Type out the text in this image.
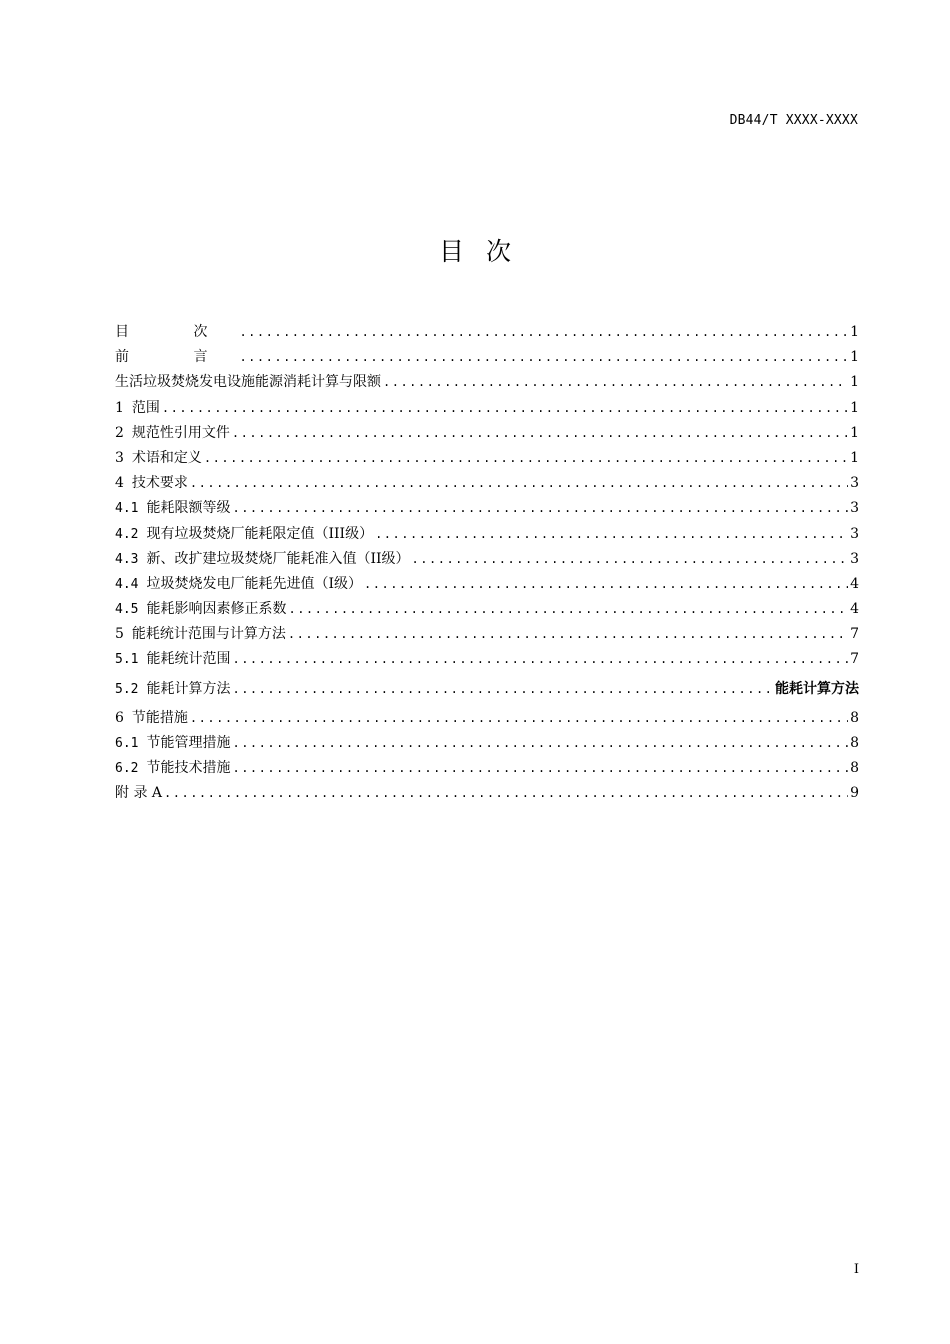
DB44/T XXXX-XXXX
目次
目 次 .....	1
前 言 .....	1
生活垃圾焚烧发电设施能源消耗计算与限额 .....	1
1 范围 .....	1
2 规范性引用文件 .....	1
3 术语和定义 .....	1
4 技术要求 .....	3
4.1 能耗限额等级 .....	3
4.2 现有垃圾焚烧厂能耗限定值（III级） .....	3
4.3 新、改扩建垃圾焚烧厂能耗准入值（II级） .....	3
4.4 垃圾焚烧发电厂能耗先进值（I级） .....	4
4.5 能耗影响因素修正系数 .....	4
5 能耗统计范围与计算方法 .....	7
5.1 能耗统计范围 .....	7
5.2 能耗计算方法 .....	能耗计算方法
6 节能措施 .....	8
6.1 节能管理措施 .....	8
6.2 节能技术措施 .....	8
附 录 A .....	9
I
